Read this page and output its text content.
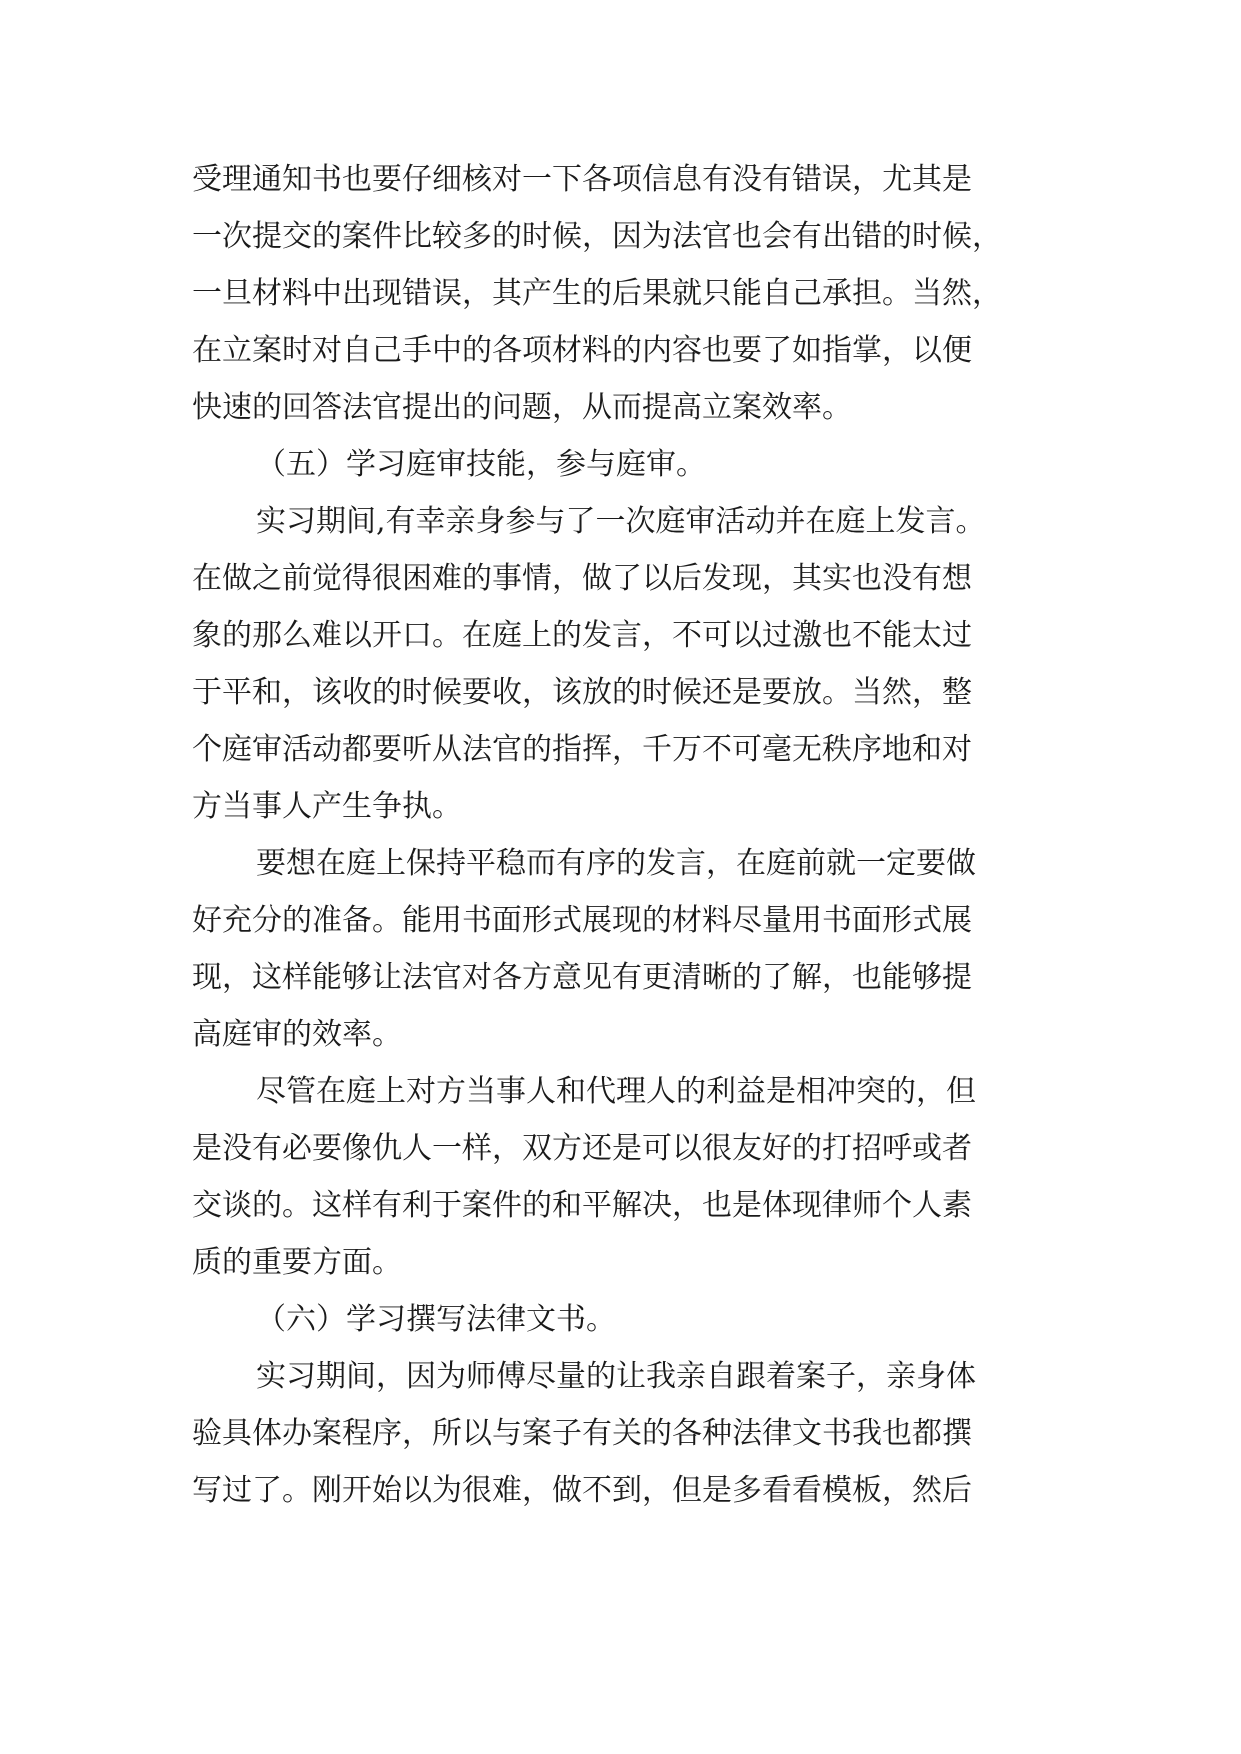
受理通知书也要仔细核对一下各项信息有没有错误，尤其是
一次提交的案件比较多的时候，因为法官也会有出错的时候，
一旦材料中出现错误，其产生的后果就只能自己承担。当然，
在立案时对自己手中的各项材料的内容也要了如指掌，以便
快速的回答法官提出的问题，从而提高立案效率。
（五）学习庭审技能，参与庭审。
实习期间,有幸亲身参与了一次庭审活动并在庭上发言。
在做之前觉得很困难的事情，做了以后发现，其实也没有想
象的那么难以开口。在庭上的发言，不可以过激也不能太过
于平和，该收的时候要收，该放的时候还是要放。当然，整
个庭审活动都要听从法官的指挥，千万不可毫无秩序地和对
方当事人产生争执。
要想在庭上保持平稳而有序的发言，在庭前就一定要做
好充分的准备。能用书面形式展现的材料尽量用书面形式展
现，这样能够让法官对各方意见有更清晰的了解，也能够提
高庭审的效率。
尽管在庭上对方当事人和代理人的利益是相冲突的，但
是没有必要像仇人一样，双方还是可以很友好的打招呼或者
交谈的。这样有利于案件的和平解决，也是体现律师个人素
质的重要方面。
（六）学习撰写法律文书。
实习期间，因为师傅尽量的让我亲自跟着案子，亲身体
验具体办案程序，所以与案子有关的各种法律文书我也都撰
写过了。刚开始以为很难，做不到，但是多看看模板，然后
